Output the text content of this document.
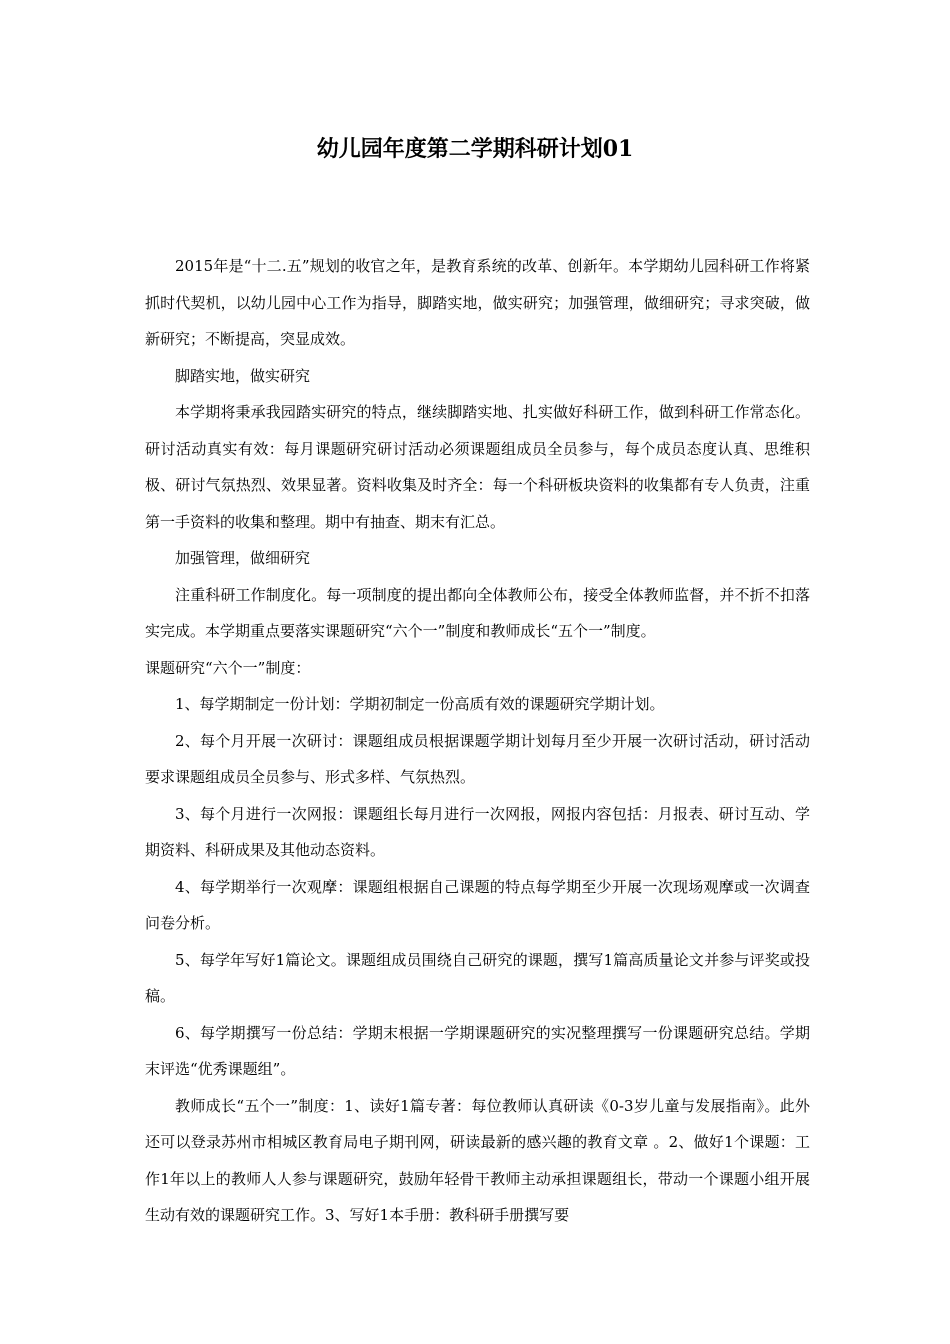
幼儿园年度第二学期科研计划01

2015年是“十二.五”规划的收官之年，是教育系统的改革、创新年。本学期幼儿园科研工作将紧抓时代契机，以幼儿园中心工作为指导，脚踏实地，做实研究；加强管理，做细研究；寻求突破，做新研究；不断提高，突显成效。

脚踏实地，做实研究

本学期将秉承我园踏实研究的特点，继续脚踏实地、扎实做好科研工作，做到科研工作常态化。研讨活动真实有效：每月课题研究研讨活动必须课题组成员全员参与，每个成员态度认真、思维积极、研讨气氛热烈、效果显著。资料收集及时齐全：每一个科研板块资料的收集都有专人负责，注重第一手资料的收集和整理。期中有抽查、期末有汇总。

加强管理，做细研究

注重科研工作制度化。每一项制度的提出都向全体教师公布，接受全体教师监督，并不折不扣落实完成。本学期重点要落实课题研究“六个一”制度和教师成长“五个一”制度。

课题研究“六个一”制度：

1、每学期制定一份计划：学期初制定一份高质有效的课题研究学期计划。

2、每个月开展一次研讨：课题组成员根据课题学期计划每月至少开展一次研讨活动，研讨活动要求课题组成员全员参与、形式多样、气氛热烈。

3、每个月进行一次网报：课题组长每月进行一次网报，网报内容包括：月报表、研讨互动、学期资料、科研成果及其他动态资料。

4、每学期举行一次观摩：课题组根据自己课题的特点每学期至少开展一次现场观摩或一次调查问卷分析。

5、每学年写好1篇论文。课题组成员围绕自己研究的课题，撰写1篇高质量论文并参与评奖或投稿。

6、每学期撰写一份总结：学期末根据一学期课题研究的实况整理撰写一份课题研究总结。学期末评选“优秀课题组”。

教师成长“五个一”制度：1、读好1篇专著：每位教师认真研读《0-3岁儿童与发展指南》。此外还可以登录苏州市相城区教育局电子期刊网，研读最新的感兴趣的教育文章 。2、做好1个课题：工作1年以上的教师人人参与课题研究，鼓励年轻骨干教师主动承担课题组长，带动一个课题小组开展生动有效的课题研究工作。3、写好1本手册：教科研手册撰写要
